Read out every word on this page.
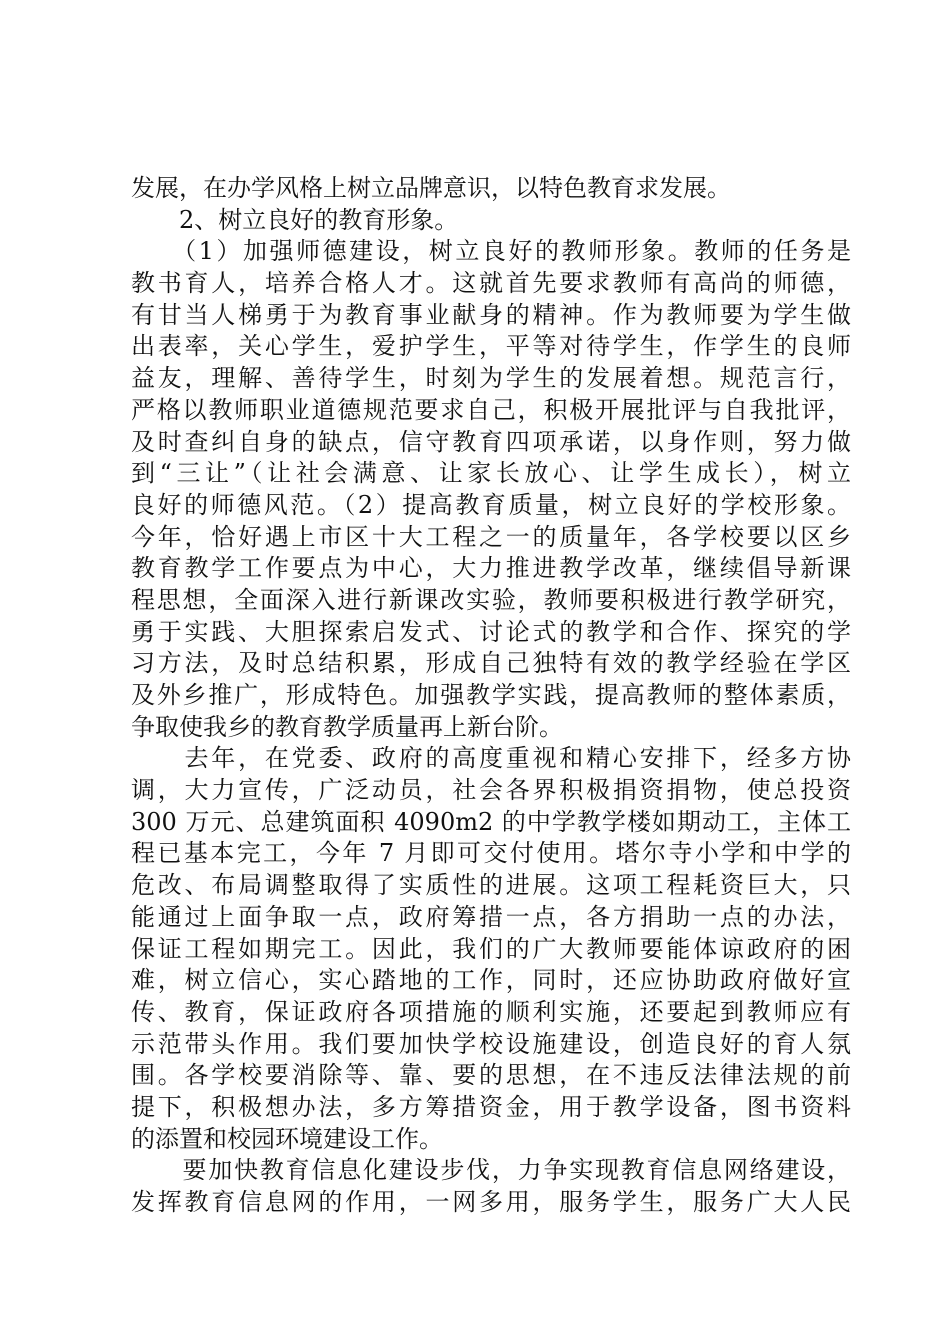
发展，在办学风格上树立品牌意识，以特色教育求发展。
　　2、树立良好的教育形象。
　　（1）加强师德建设，树立良好的教师形象。教师的任务是
教书育人，培养合格人才。这就首先要求教师有高尚的师德，
有甘当人梯勇于为教育事业献身的精神。作为教师要为学生做
出表率，关心学生，爱护学生，平等对待学生，作学生的良师
益友，理解、善待学生，时刻为学生的发展着想。规范言行，
严格以教师职业道德规范要求自己，积极开展批评与自我批评，
及时查纠自身的缺点，信守教育四项承诺，以身作则，努力做
到“三让”（让社会满意、让家长放心、让学生成长），树立
良好的师德风范。（2）提高教育质量，树立良好的学校形象。
今年，恰好遇上市区十大工程之一的质量年，各学校要以区乡
教育教学工作要点为中心，大力推进教学改革，继续倡导新课
程思想，全面深入进行新课改实验，教师要积极进行教学研究，
勇于实践、大胆探索启发式、讨论式的教学和合作、探究的学
习方法，及时总结积累，形成自己独特有效的教学经验在学区
及外乡推广，形成特色。加强教学实践，提高教师的整体素质，
争取使我乡的教育教学质量再上新台阶。
　　去年，在党委、政府的高度重视和精心安排下，经多方协
调，大力宣传，广泛动员，社会各界积极捐资捐物，使总投资
300 万元、总建筑面积 4090m2 的中学教学楼如期动工，主体工
程已基本完工，今年 7 月即可交付使用。塔尔寺小学和中学的
危改、布局调整取得了实质性的进展。这项工程耗资巨大，只
能通过上面争取一点，政府筹措一点，各方捐助一点的办法，
保证工程如期完工。因此，我们的广大教师要能体谅政府的困
难，树立信心，实心踏地的工作，同时，还应协助政府做好宣
传、教育，保证政府各项措施的顺利实施，还要起到教师应有
示范带头作用。我们要加快学校设施建设，创造良好的育人氛
围。各学校要消除等、靠、要的思想，在不违反法律法规的前
提下，积极想办法，多方筹措资金，用于教学设备，图书资料
的添置和校园环境建设工作。
　　要加快教育信息化建设步伐，力争实现教育信息网络建设，
发挥教育信息网的作用，一网多用，服务学生，服务广大人民
